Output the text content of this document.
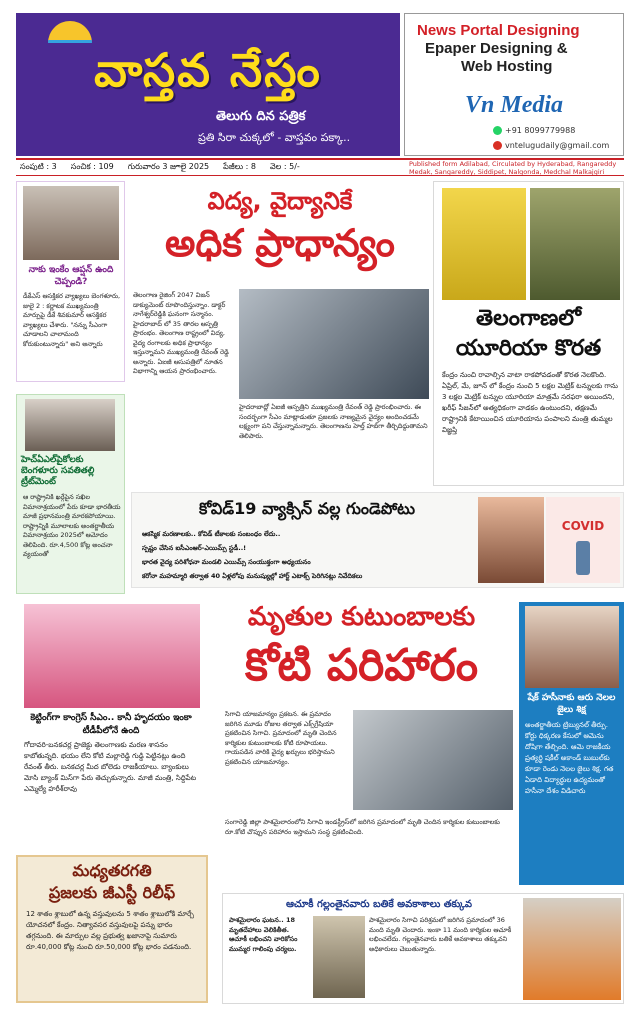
వాస్తవ నేస్తం
తెలుగు దిన పత్రిక
ప్రతి సిరా చుక్కలో - వాస్తవం పక్కా..
News Portal Designing
Epaper Designing &
Web Hosting
Vn Media
+91 8099779988
vntelugudaily@gmail.com
సంపుటి : 3 సంచిక : 109 గురువారం 3 జూలై 2025 పేజీలు : 8 వెల : 5/-	Published form Adilabad, Circulated by Hyderabad, Rangareddy Medak, Sangareddy, Siddipet, Nalgonda, Medchal Malkajgiri
నాకు ఇంకేం ఆప్షన్ ఉంది చెప్పండి?
డీకేఎస్ ఆసక్తికర వ్యాఖ్యలు బెంగళూరు, జులై 2 : కర్ణాటక ముఖ్యమంత్రి మార్పుపై డీకే శివకుమార్ ఆసక్తికర వ్యాఖ్యలు చేశారు. "నన్ను సీఎంగా చూడాలని చాలామంది కోరుకుంటున్నారు" అని అన్నారు
హెచ్ఏఎల్‌పైకోలకు బెంగళూరు సవతితల్లి ట్రీట్‌మెంట్
ఆ రాష్ట్రానికి ఖర్గేపైన సఖిల విమానాశ్రయంలో పేరు కూడా భారతీయ మాజీ ప్రధానమంత్రి మారకపోయాయి. రాష్ట్రాన్నికి మూలాలకు అంతర్జాతీయ విమానాశ్రయం 2025లో ఆమోదం తెలిపింది. రూ.4,500 కోట్ల అంచనా వ్యయంతో
విద్య, వైద్యానికే
అధిక ప్రాధాన్యం
తెలంగాణ రైజింగ్ 2047 విజన్ డాక్యుమెంట్‌ రూపొందిస్తున్నాం. డాక్టర్ నాగేశ్వర్‌రెడ్డికి ఘనంగా సన్మానం. హైదరాబాద్ లో 35 తారల ఆస్పత్రి ప్రారంభం. తెలంగాణ రాష్ట్రంలో విద్య, వైద్య రంగాలకు అధిక ప్రాధాన్యం ఇస్తున్నామని ముఖ్యమంత్రి రేవంత్ రెడ్డి అన్నారు. ఏఐజీ ఆసుపత్రిలో నూతన విభాగాన్ని ఆయన ప్రారంభించారు.
హైదరాబాద్లో ఏఐజీ ఆస్పత్రిని ముఖ్యమంత్రి రేవంత్ రెడ్డి ప్రారంభించారు. ఈ సందర్భంగా సీఎం మాట్లాడుతూ ప్రజలకు నాణ్యమైన వైద్యం అందించడమే లక్ష్యంగా పని చేస్తున్నామన్నారు. తెలంగాణను హెల్త్ హబ్‌గా తీర్చిదిద్దుతామని తెలిపారు.
తెలంగాణలో
యూరియా కొరత
కేంద్రం నుంచి రావాల్సిన వాటా రాకపోవడంతో కొరత నెలకొంది. ఏప్రిల్, మే, జూన్ లో కేంద్రం నుంచి 5 లక్షల మెట్రిక్ టన్నులకు గాను 3 లక్షల మెట్రిక్ టన్నుల యూరియా మాత్రమే సరఫరా అయిందని, ఖరీఫ్ సీజన్‌లో అత్యధికంగా వాడకం ఉంటుందని, తక్షణమే రాష్ట్రానికి కేటాయించిన యూరియాను పంపాలని మంత్రి తుమ్మల విజ్ఞప్తి
కోవిడ్19 వ్యాక్సిన్ వల్ల గుండెపోటు
ఆకస్మిక మరణాలకు.. కోవిడ్ టీకాలకు సంబంధం లేదు..
స్పష్టం చేసిన ఐసీఎంఆర్‌-ఎయిమ్స్ స్టడీ..!
భారత వైద్య పరిశోధనా మండలి ఎయిమ్స్ సంయుక్తంగా అధ్యయనం
కరోనా మహమ్మారి తర్వాత 40 ఏళ్లలోపు మనుష్యుల్లో హార్ట్ ఎటాక్స్ పెరిగినట్లు నివేదికలు
COVID
కెట్టింగ్‌గా కాంగ్రెస్ సీఎం.. కానీ హృదయం ఇంకా టీడీపీలోనే ఉంది
గోదావరి-బనకచర్ల ప్రాజెక్టు తెలంగాణకు మరణ శాసనం కాబోతున్నది. భయం లేని కోటి మల్లారెడ్డి గుడ్డి పెట్టినట్లు ఉంది రేవంత్ తీరు. బనకచర్ల మీద బోలెడు రాజకీయాలు. బ్యాంకులు మోసి బ్యాంక్ మిస్‌గా పేరు తెచ్చుకున్నారు. మాజీ మంత్రి, సిద్దిపేట ఎమ్మెల్యే హరీశ్‌రావు
మృతుల కుటుంబాలకు
కోటి పరిహారం
సిగాచి యాజమాన్యం ప్రకటన. ఈ ప్రమాదం జరిగిన మూడు రోజుల తర్వాత ఎక్స్‌గ్రేషియా ప్రకటించిన సిగాచి. ప్రమాదంలో మృతి చెందిన కార్మికుల కుటుంబాలకు కోటి రూపాయలు. గాయపడిన వారికి వైద్య ఖర్చులు భరిస్తామని ప్రకటించిన యాజమాన్యం.
సంగారెడ్డి జిల్లా పాశమైలారంలోని సిగాచి ఇండస్ట్రీస్‌లో జరిగిన ప్రమాదంలో మృతి చెందిన కార్మికుల కుటుంబాలకు రూ.కోటి చొప్పున పరిహారం ఇస్తామని సంస్థ ప్రకటించింది.
షేక్ హసీనాకు ఆరు నెలల జైలు శిక్ష
అంతర్జాతీయ ట్రిబ్యునల్ తీర్పు. కోర్టు ధిక్కరణ కేసులో ఆమెను దోషిగా తేల్చింది. ఆమె రాజకీయ ప్రత్యర్థి షకీల్ అకాండ్ బుబుల్‌కు కూడా రెండు నెలల జైలు శిక్ష. గత ఏడాది విద్యార్థుల ఉద్యమంతో హసీనా దేశం విడిచారు
మధ్యతరగతి
ప్రజలకు జీఎస్టీ రిలీఫ్
12 శాతం శ్లాబులో ఉన్న వస్తువులను 5 శాతం శ్లాబులోకి మార్చే యోచనలో కేంద్రం. నిత్యావసర వస్తువులపై పన్ను భారం తగ్గనుంది. ఈ మార్పుల వల్ల ప్రభుత్వ ఖజానాపై సుమారు రూ.40,000 కోట్ల నుంచి రూ.50,000 కోట్ల భారం పడనుంది.
ఆచూకీ గల్లంతైనవారు బతికే అవకాశాలు తక్కువ
పాశమైలారం ఘటన.. 18 మృతదేహాలు వెలికితీత. ఆచూకీ లభించని వారికోసం ముమ్మర గాలింపు చర్యలు.
పాశమైలారం సిగాచి పరిశ్రమలో జరిగిన ప్రమాదంలో 36 మంది మృతి చెందారు. ఇంకా 11 మంది కార్మికుల ఆచూకీ లభించలేదు. గల్లంతైనవారు బతికే అవకాశాలు తక్కువని అధికారులు చెబుతున్నారు.
